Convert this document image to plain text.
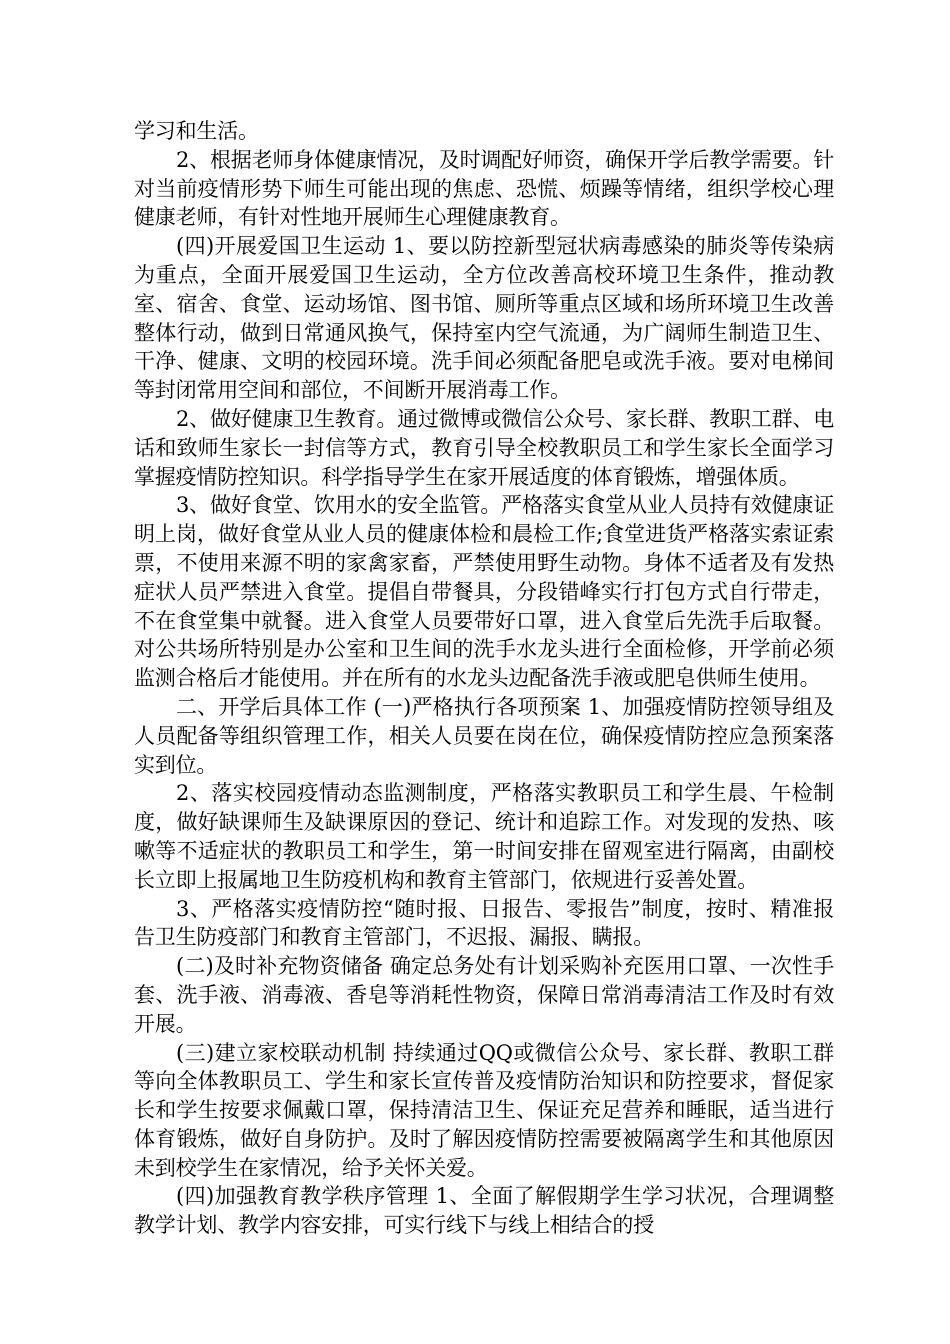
学习和生活。

2、根据老师身体健康情况，及时调配好师资，确保开学后教学需要。针对当前疫情形势下师生可能出现的焦虑、恐慌、烦躁等情绪，组织学校心理健康老师，有针对性地开展师生心理健康教育。

(四)开展爱国卫生运动 1、要以防控新型冠状病毒感染的肺炎等传染病为重点，全面开展爱国卫生运动，全方位改善高校环境卫生条件，推动教室、宿舍、食堂、运动场馆、图书馆、厕所等重点区域和场所环境卫生改善整体行动，做到日常通风换气，保持室内空气流通，为广阔师生制造卫生、干净、健康、文明的校园环境。洗手间必须配备肥皂或洗手液。要对电梯间等封闭常用空间和部位，不间断开展消毒工作。

2、做好健康卫生教育。通过微博或微信公众号、家长群、教职工群、电话和致师生家长一封信等方式，教育引导全校教职员工和学生家长全面学习掌握疫情防控知识。科学指导学生在家开展适度的体育锻炼，增强体质。

3、做好食堂、饮用水的安全监管。严格落实食堂从业人员持有效健康证明上岗，做好食堂从业人员的健康体检和晨检工作;食堂进货严格落实索证索票，不使用来源不明的家禽家畜，严禁使用野生动物。身体不适者及有发热症状人员严禁进入食堂。提倡自带餐具，分段错峰实行打包方式自行带走，不在食堂集中就餐。进入食堂人员要带好口罩，进入食堂后先洗手后取餐。对公共场所特别是办公室和卫生间的洗手水龙头进行全面检修，开学前必须监测合格后才能使用。并在所有的水龙头边配备洗手液或肥皂供师生使用。

二、开学后具体工作 (一)严格执行各项预案 1、加强疫情防控领导组及人员配备等组织管理工作，相关人员要在岗在位，确保疫情防控应急预案落实到位。

2、落实校园疫情动态监测制度，严格落实教职员工和学生晨、午检制度，做好缺课师生及缺课原因的登记、统计和追踪工作。对发现的发热、咳嗽等不适症状的教职员工和学生，第一时间安排在留观室进行隔离，由副校长立即上报属地卫生防疫机构和教育主管部门，依规进行妥善处置。

3、严格落实疫情防控“随时报、日报告、零报告”制度，按时、精准报告卫生防疫部门和教育主管部门，不迟报、漏报、瞒报。

(二)及时补充物资储备 确定总务处有计划采购补充医用口罩、一次性手套、洗手液、消毒液、香皂等消耗性物资，保障日常消毒清洁工作及时有效开展。

(三)建立家校联动机制 持续通过QQ或微信公众号、家长群、教职工群等向全体教职员工、学生和家长宣传普及疫情防治知识和防控要求，督促家长和学生按要求佩戴口罩，保持清洁卫生、保证充足营养和睡眠，适当进行体育锻炼，做好自身防护。及时了解因疫情防控需要被隔离学生和其他原因未到校学生在家情况，给予关怀关爱。

(四)加强教育教学秩序管理 1、全面了解假期学生学习状况，合理调整教学计划、教学内容安排，可实行线下与线上相结合的授
